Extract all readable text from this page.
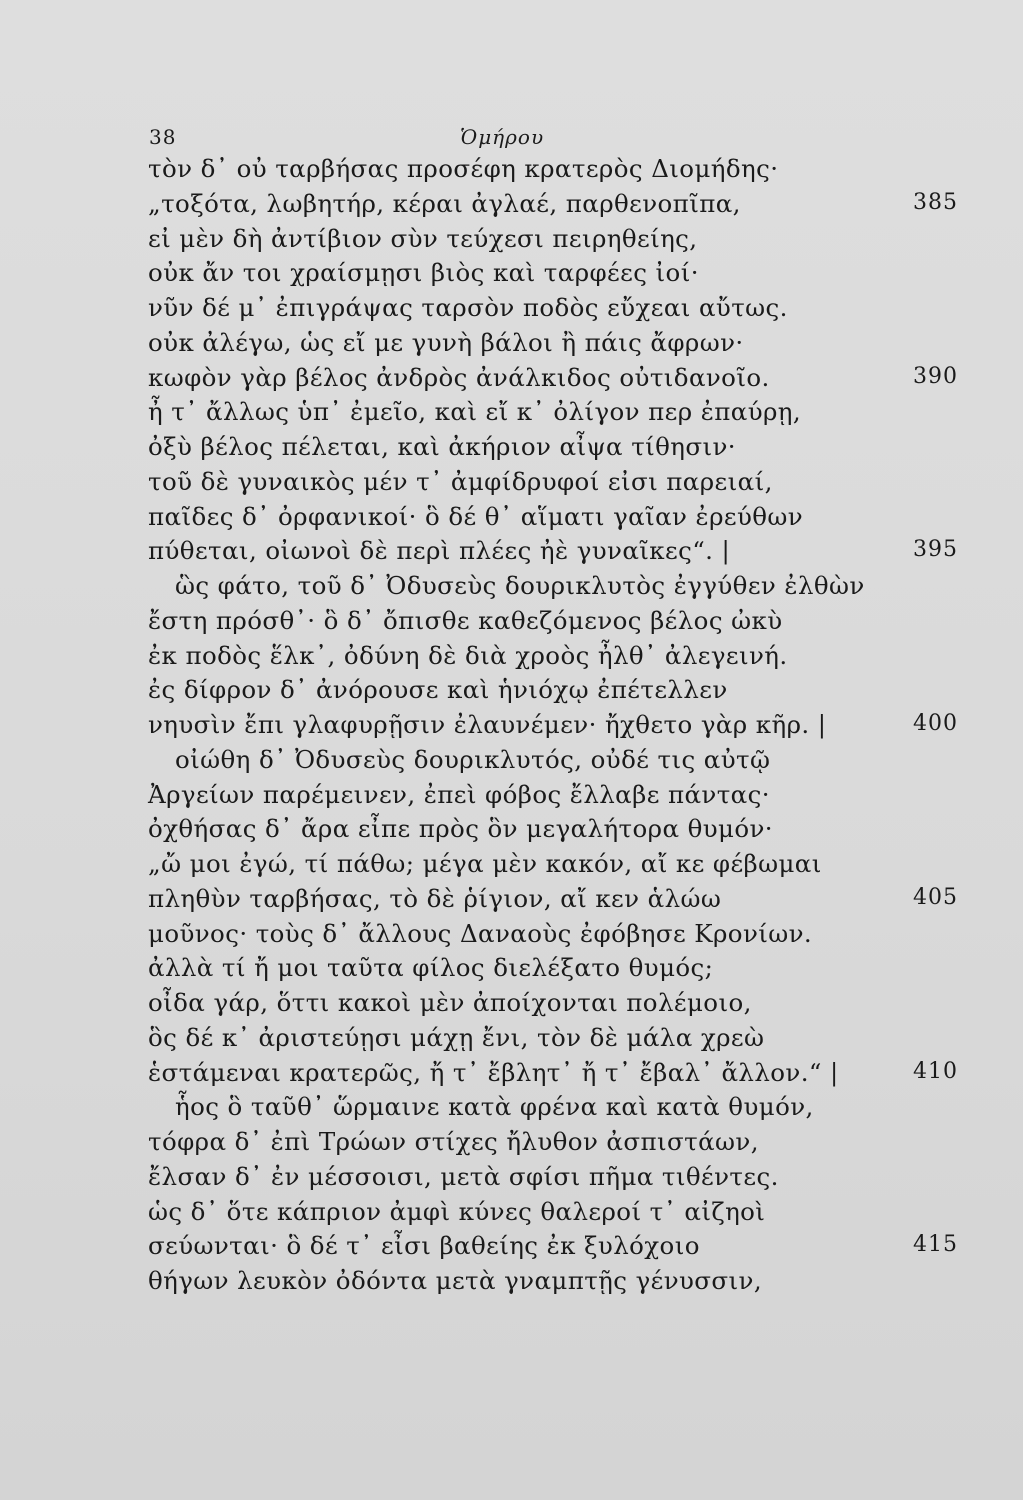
38	Ὁμήρου
τὸν δ᾽ οὐ ταρβήσας προσέφη κρατερὸς Διομήδης·
„τοξότα, λωβητήρ, κέραι ἀγλαέ, παρθενοπῖπα,	385
εἰ μὲν δὴ ἀντίβιον σὺν τεύχεσι πειρηθείης,
οὐκ ἄν τοι χραίσμῃσι βιὸς καὶ ταρφέες ἰοί·
νῦν δέ μ᾽ ἐπιγράψας ταρσὸν ποδὸς εὔχεαι αὔτως.
οὐκ ἀλέγω, ὡς εἴ με γυνὴ βάλοι ἢ πάις ἄφρων·
κωφὸν γὰρ βέλος ἀνδρὸς ἀνάλκιδος οὐτιδανοῖο.	390
ἦ τ᾽ ἄλλως ὑπ᾽ ἐμεῖο, καὶ εἴ κ᾽ ὀλίγον περ ἐπαύρῃ,
ὀξὺ βέλος πέλεται, καὶ ἀκήριον αἶψα τίθησιν·
τοῦ δὲ γυναικὸς μέν τ᾽ ἀμφίδρυφοί εἰσι παρειαί,
παῖδες δ᾽ ὀρφανικοί· ὃ δέ θ᾽ αἵματι γαῖαν ἐρεύθων
πύθεται, οἰωνοὶ δὲ περὶ πλέες ἠὲ γυναῖκες“. |	395
ὣς φάτο, τοῦ δ᾽ Ὀδυσεὺς δουρικλυτὸς ἐγγύθεν ἐλθὼν
ἔστη πρόσθ᾽· ὃ δ᾽ ὄπισθε καθεζόμενος βέλος ὠκὺ
ἐκ ποδὸς ἕλκ᾽, ὀδύνη δὲ διὰ χροὸς ἦλθ᾽ ἀλεγεινή.
ἐς δίφρον δ᾽ ἀνόρουσε καὶ ἡνιόχῳ ἐπέτελλεν
νηυσὶν ἔπι γλαφυρῇσιν ἐλαυνέμεν· ἤχθετο γὰρ κῆρ. |	400
οἰώθη δ᾽ Ὀδυσεὺς δουρικλυτός, οὐδέ τις αὐτῷ
Ἀργείων παρέμεινεν, ἐπεὶ φόβος ἔλλαβε πάντας·
ὀχθήσας δ᾽ ἄρα εἶπε πρὸς ὃν μεγαλήτορα θυμόν·
„ὤ μοι ἐγώ, τί πάθω; μέγα μὲν κακόν, αἴ κε φέβωμαι
πληθὺν ταρβήσας, τὸ δὲ ῥίγιον, αἴ κεν ἁλώω	405
μοῦνος· τοὺς δ᾽ ἄλλους Δαναοὺς ἐφόβησε Κρονίων.
ἀλλὰ τί ἤ μοι ταῦτα φίλος διελέξατο θυμός;
οἶδα γάρ, ὅττι κακοὶ μὲν ἀποίχονται πολέμοιο,
ὃς δέ κ᾽ ἀριστεύῃσι μάχῃ ἔνι, τὸν δὲ μάλα χρεὼ
ἑστάμεναι κρατερῶς, ἤ τ᾽ ἔβλητ᾽ ἤ τ᾽ ἔβαλ᾽ ἄλλον.“ |	410
ἧος ὃ ταῦθ᾽ ὥρμαινε κατὰ φρένα καὶ κατὰ θυμόν,
τόφρα δ᾽ ἐπὶ Τρώων στίχες ἤλυθον ἀσπιστάων,
ἔλσαν δ᾽ ἐν μέσσοισι, μετὰ σφίσι πῆμα τιθέντες.
ὡς δ᾽ ὅτε κάπριον ἀμφὶ κύνες θαλεροί τ᾽ αἰζηοὶ
σεύωνται· ὃ δέ τ᾽ εἶσι βαθείης ἐκ ξυλόχοιο	415
θήγων λευκὸν ὀδόντα μετὰ γναμπτῇς γένυσσιν,
